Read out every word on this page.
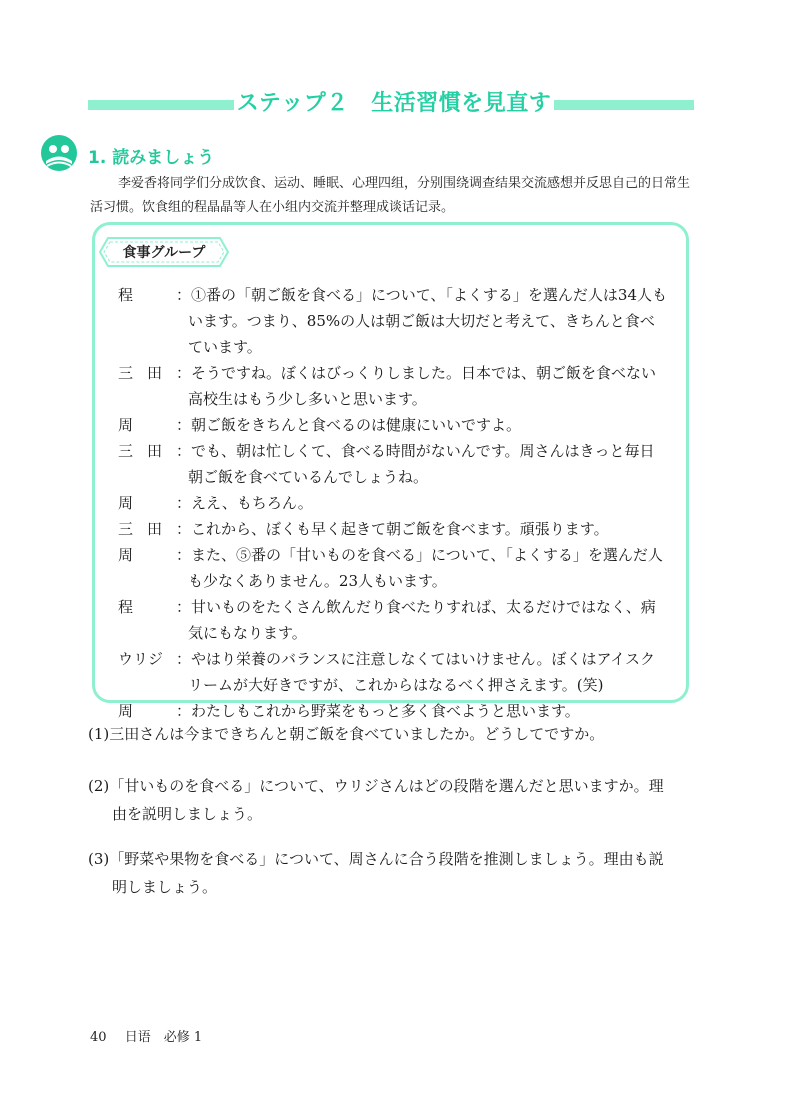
ステップ２　生活習慣を見直す
1. 読みましょう
李爱香将同学们分成饮食、运动、睡眠、心理四组，分别围绕调查结果交流感想并反思自己的日常生活习惯。饮食组的程晶晶等人在小组内交流并整理成谈话记录。
食事グループ
程	：①番の「朝ご飯を食べる」について、「よくする」を選んだ人は34人も
います。つまり、85%の人は朝ご飯は大切だと考えて、きちんと食べ
ています。
三田 ：そうですね。ぼくはびっくりしました。日本では、朝ご飯を食べない
高校生はもう少し多いと思います。
周	：朝ご飯をきちんと食べるのは健康にいいですよ。
三田 ：でも、朝は忙しくて、食べる時間がないんです。周さんはきっと毎日
朝ご飯を食べているんでしょうね。
周	：ええ、もちろん。
三田 ：これから、ぼくも早く起きて朝ご飯を食べます。頑張ります。
周	：また、⑤番の「甘いものを食べる」について、「よくする」を選んだ人
も少なくありません。23人もいます。
程	：甘いものをたくさん飲んだり食べたりすれば、太るだけではなく、病
気にもなります。
ウリジ ：やはり栄養のバランスに注意しなくてはいけません。ぼくはアイスク
リームが大好きですが、これからはなるべく押さえます。(笑)
周	：わたしもこれから野菜をもっと多く食べようと思います。
(1)三田さんは今まできちんと朝ご飯を食べていましたか。どうしてですか。
(2)「甘いものを食べる」について、ウリジさんはどの段階を選んだと思いますか。理
由を説明しましょう。
(3)「野菜や果物を食べる」について、周さんに合う段階を推測しましょう。理由も説
明しましょう。
40 日语　必修 1
